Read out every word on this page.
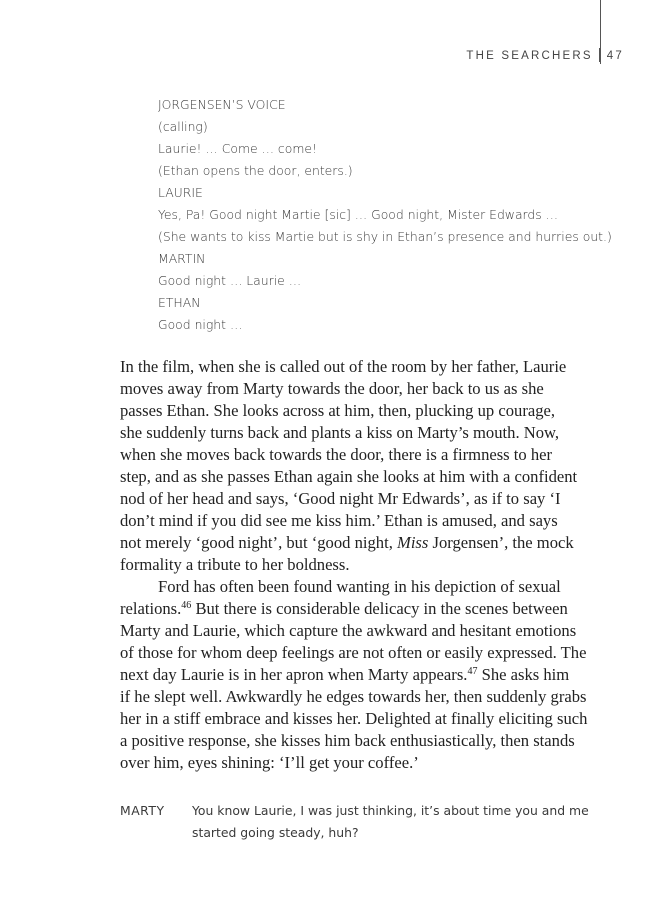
THE SEARCHERS 47
JORGENSEN’S VOICE
(calling)
Laurie! … Come … come!
(Ethan opens the door, enters.)
LAURIE
Yes, Pa! Good night Martie [sic] … Good night, Mister Edwards …
(She wants to kiss Martie but is shy in Ethan’s presence and hurries out.)
MARTIN
Good night … Laurie …
ETHAN
Good night …
In the film, when she is called out of the room by her father, Laurie
moves away from Marty towards the door, her back to us as she
passes Ethan. She looks across at him, then, plucking up courage,
she suddenly turns back and plants a kiss on Marty’s mouth. Now,
when she moves back towards the door, there is a firmness to her
step, and as she passes Ethan again she looks at him with a confident
nod of her head and says, ‘Good night Mr Edwards’, as if to say ‘I
don’t mind if you did see me kiss him.’ Ethan is amused, and says
not merely ‘good night’, but ‘good night, Miss Jorgensen’, the mock
formality a tribute to her boldness.
Ford has often been found wanting in his depiction of sexual
relations.$^{46}$ But there is considerable delicacy in the scenes between
Marty and Laurie, which capture the awkward and hesitant emotions
of those for whom deep feelings are not often or easily expressed. The
next day Laurie is in her apron when Marty appears.$^{47}$ She asks him
if he slept well. Awkwardly he edges towards her, then suddenly grabs
her in a stiff embrace and kisses her. Delighted at finally eliciting such
a positive response, she kisses him back enthusiastically, then stands
over him, eyes shining: ‘I’ll get your coffee.’
MARTY You know Laurie, I was just thinking, it’s about time you and me
started going steady, huh?
